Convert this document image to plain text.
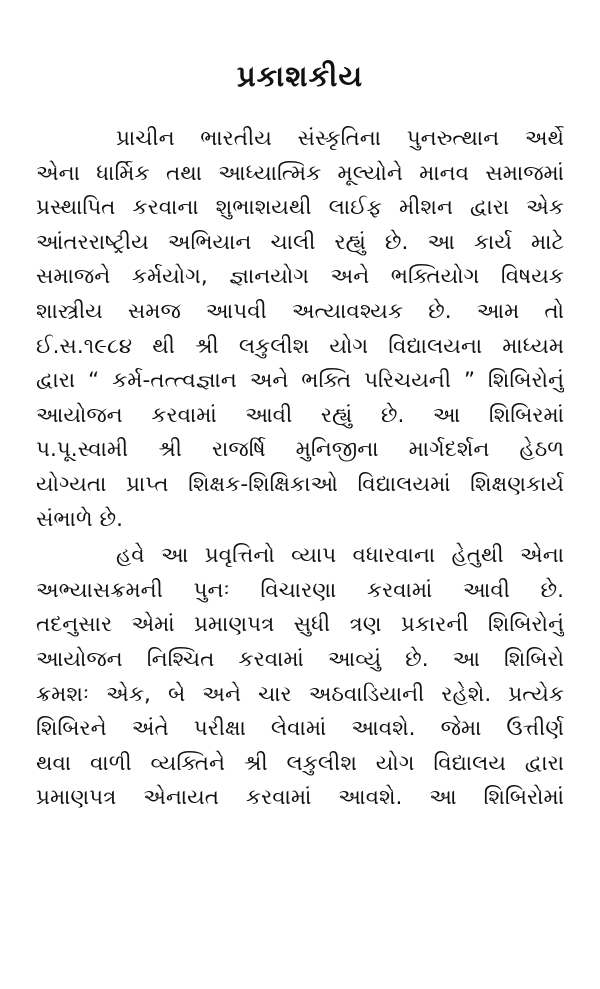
પ્રકાશકીય

પ્રાચીન ભારતીય સંસ્કૃતિના પુનરુત્થાન અર્થે
એના ધાર્મિક તથા આધ્યાત્મિક મૂલ્યોને માનવ સમાજમાં
પ્રસ્થાપિત કરવાના શુભાશયથી લાઈફ મીશન દ્વારા એક
આંતરરાષ્ટ્રીય અભિયાન ચાલી રહ્યું છે. આ કાર્ય માટે
સમાજને કર્મયોગ, જ્ઞાનયોગ અને ભક્તિયોગ વિષયક
શાસ્ત્રીય સમજ આપવી અત્યાવશ્યક છે. આમ તો
ઈ.સ.૧૯૮૪ થી શ્રી લકુલીશ યોગ વિદ્યાલયના માધ્યમ
દ્વારા “ કર્મ-તત્ત્વજ્ઞાન અને ભક્તિ પરિચયની ” શિબિરોનું
આયોજન કરવામાં આવી રહ્યું છે. આ શિબિરમાં
પ.પૂ.સ્વામી શ્રી રાજર્ષિ મુનિજીના માર્ગદર્શન હેઠળ
યોગ્યતા પ્રાપ્ત શિક્ષક-શિક્ષિકાઓ વિદ્યાલયમાં શિક્ષણકાર્ય
સંભાળે છે.

હવે આ પ્રવૃત્તિનો વ્યાપ વધારવાના હેતુથી એના
અભ્યાસક્રમની પુનઃ વિચારણા કરવામાં આવી છે.
તદનુસાર એમાં પ્રમાણપત્ર સુધી ત્રણ પ્રકારની શિબિરોનું
આયોજન નિશ્ચિત કરવામાં આવ્યું છે. આ શિબિરો
ક્રમશઃ એક, બે અને ચાર અઠવાડિયાની રહેશે. પ્રત્યેક
શિબિરને અંતે પરીક્ષા લેવામાં આવશે. જેમા ઉત્તીર્ણ
થવા વાળી વ્યક્તિને શ્રી લકુલીશ યોગ વિદ્યાલય દ્વારા
પ્રમાણપત્ર એનાયત કરવામાં આવશે. આ શિબિરોમાં
